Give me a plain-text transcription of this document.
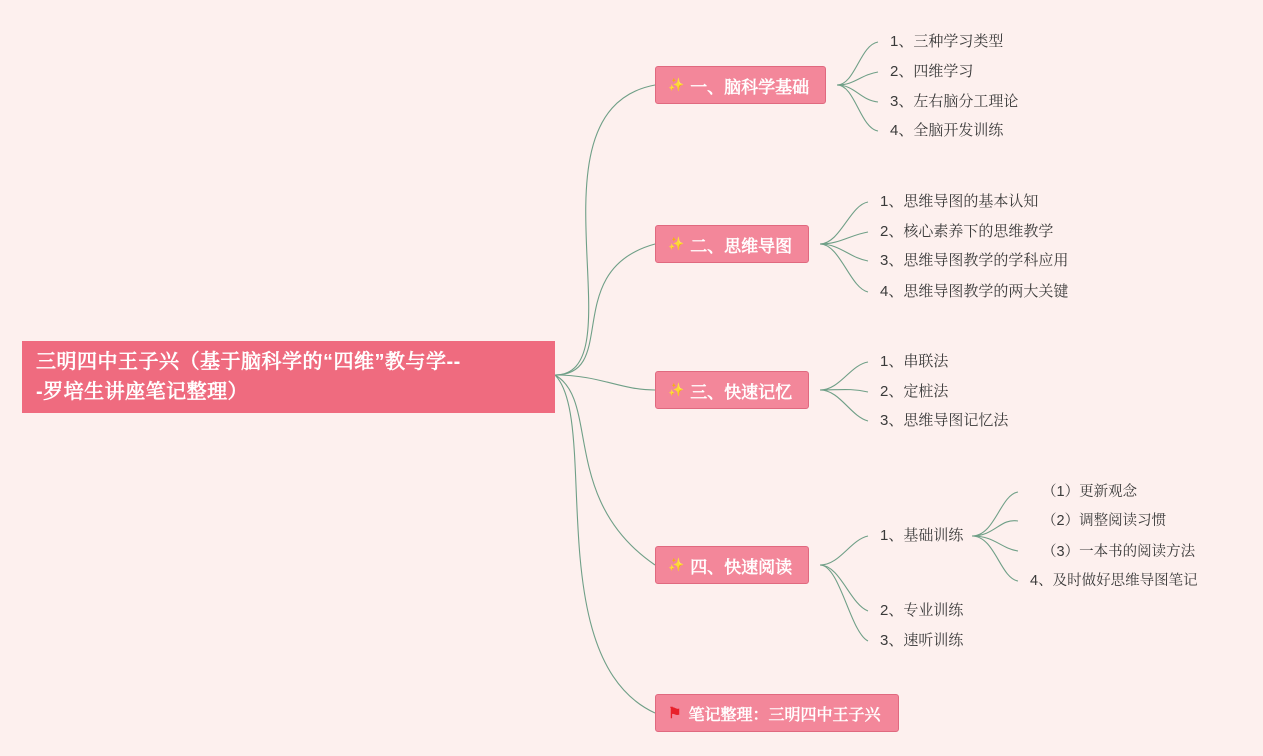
三明四中王子兴（基于脑科学的“四维”教与学--
-罗培生讲座笔记整理）
✨ 一、脑科学基础
1、三种学习类型
2、四维学习
3、左右脑分工理论
4、全脑开发训练
✨ 二、思维导图
1、思维导图的基本认知
2、核心素养下的思维教学
3、思维导图教学的学科应用
4、思维导图教学的两大关键
✨ 三、快速记忆
1、串联法
2、定桩法
3、思维导图记忆法
✨ 四、快速阅读
1、基础训练
2、专业训练
3、速听训练
（1）更新观念
（2）调整阅读习惯
（3）一本书的阅读方法
4、及时做好思维导图笔记
⚑ 笔记整理：三明四中王子兴
